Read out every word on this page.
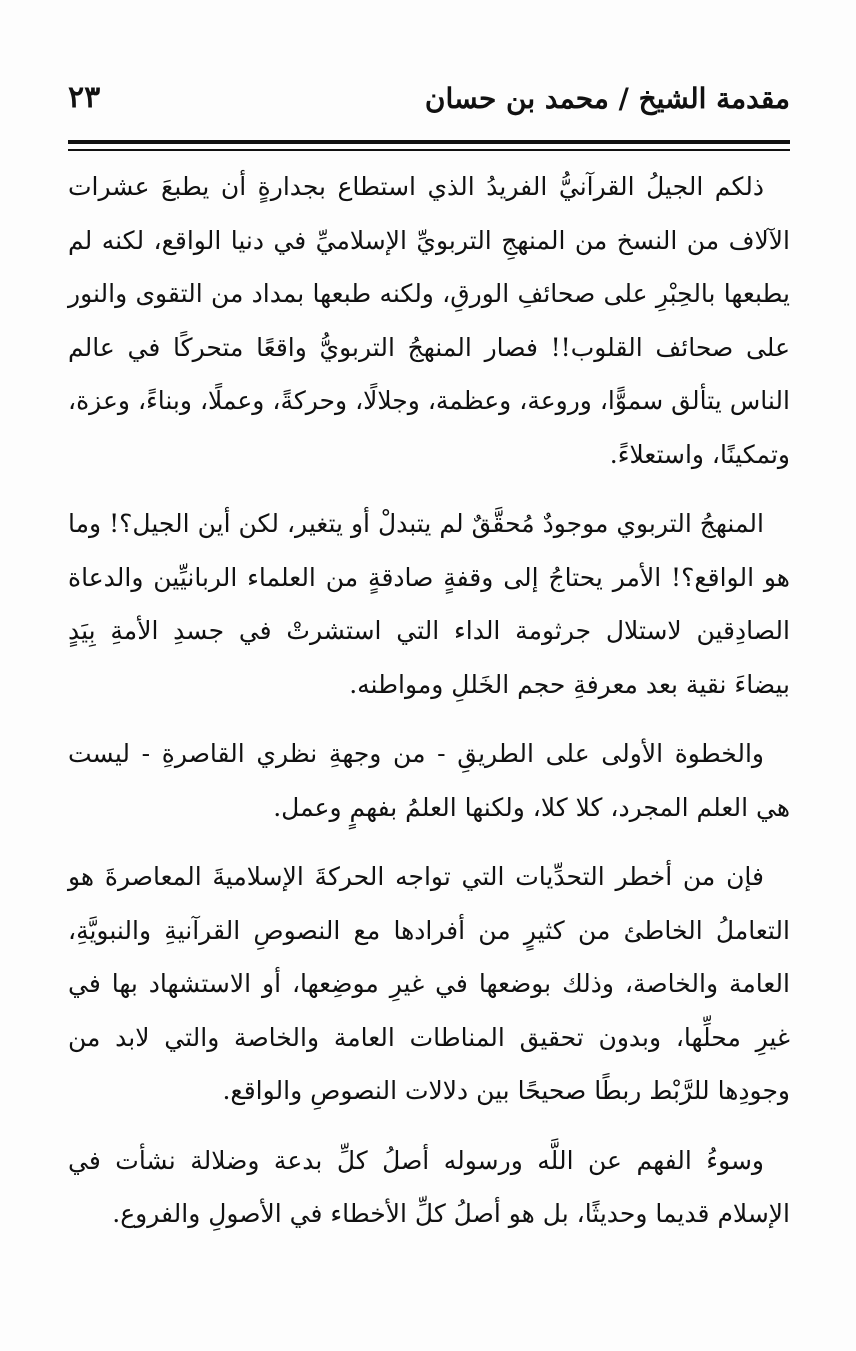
مقدمة الشيخ / محمد بن حسان
٢٣

ذلكم الجيلُ القرآنيُّ الفريدُ الذي استطاع بجدارةٍ أن يطبعَ عشرات الآلاف من النسخ من المنهجِ التربويِّ الإسلاميِّ في دنيا الواقع، لكنه لم يطبعها بالحِبْرِ على صحائفِ الورقِ، ولكنه طبعها بمداد من التقوى والنور على صحائف القلوب!! فصار المنهجُ التربويُّ واقعًا متحركًا في عالم الناس يتألق سموًّا، وروعة، وعظمة، وجلالًا، وحركةً، وعملًا، وبناءً، وعزة، وتمكينًا، واستعلاءً.

المنهجُ التربوي موجودٌ مُحقَّقٌ لم يتبدلْ أو يتغير، لكن أين الجيل؟! وما هو الواقع؟! الأمر يحتاجُ إلى وقفةٍ صادقةٍ من العلماء الربانيِّين والدعاة الصادِقين لاستلال جرثومة الداء التي استشرتْ في جسدِ الأمةِ بِيَدٍ بيضاءَ نقية بعد معرفةِ حجم الخَللِ ومواطنه.

والخطوة الأولى على الطريقِ - من وجهةِ نظري القاصرةِ - ليست هي العلم المجرد، كلا كلا، ولكنها العلمُ بفهمٍ وعمل.

فإن من أخطر التحدِّيات التي تواجه الحركةَ الإسلاميةَ المعاصرةَ هو التعاملُ الخاطئ من كثيرٍ من أفرادها مع النصوصِ القرآنيةِ والنبويَّةِ، العامة والخاصة، وذلك بوضعها في غيرِ موضِعها، أو الاستشهاد بها في غيرِ محلِّها، وبدون تحقيق المناطات العامة والخاصة والتي لابد من وجودِها للرَّبْط ربطًا صحيحًا بين دلالات النصوصِ والواقع.

وسوءُ الفهم عن اللَّه ورسوله أصلُ كلِّ بدعة وضلالة نشأت في الإسلام قديما وحديثًا، بل هو أصلُ كلِّ الأخطاء في الأصولِ والفروع.
